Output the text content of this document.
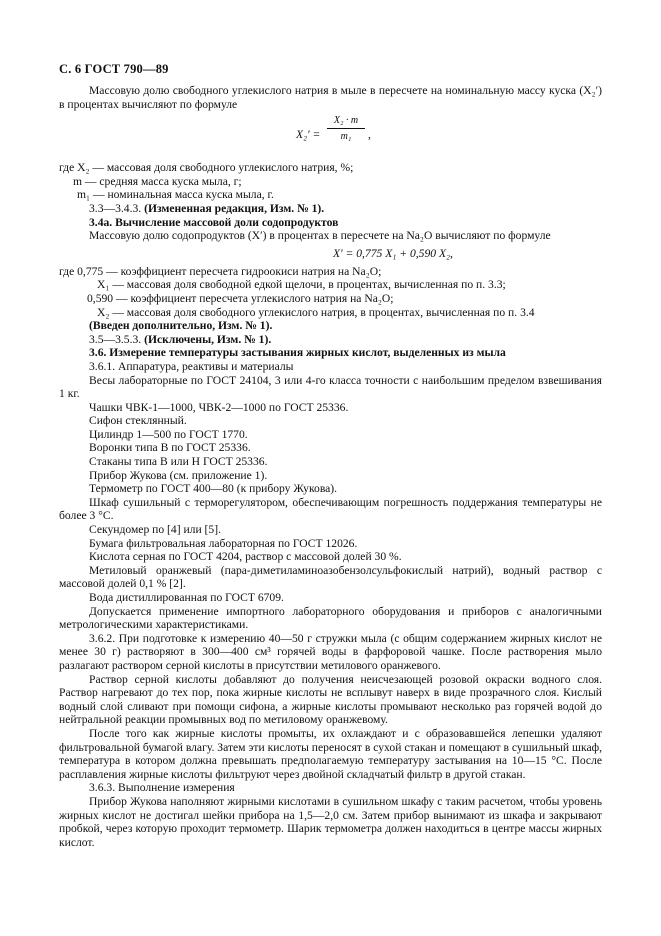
С. 6 ГОСТ 790—89

Массовую долю свободного углекислого натрия в мыле в пересчете на номинальную массу куска (X₂′) в процентах вычисляют по формуле

$X_2' = \frac{\text{X₂ · m}}{\text{m₁}}$ ,
где X₂ — массовая доля свободного углекислого натрия, %;
m — средняя масса куска мыла, г;
m₁ — номинальная масса куска мыла, г.

3.3—3.4.3. (Измененная редакция, Изм. № 1).

3.4а. Вычисление массовой доли содопродуктов

Массовую долю содопродуктов (X′) в процентах в пересчете на Na₂O вычисляют по формуле

X′ = 0,775 X₁ + 0,590 X₂,
где 0,775 — коэффициент пересчета гидроокиси натрия на Na₂O;
X₁ — массовая доля свободной едкой щелочи, в процентах, вычисленная по п. 3.3;
0,590 — коэффициент пересчета углекислого натрия на Na₂O;
X₂ — массовая доля свободного углекислого натрия, в процентах, вычисленная по п. 3.4

(Введен дополнительно, Изм. № 1).

3.5—3.5.3. (Исключены, Изм. № 1).

3.6. Измерение температуры застывания жирных кислот, выделенных из мыла

3.6.1. Аппаратура, реактивы и материалы

Весы лабораторные по ГОСТ 24104, 3 или 4-го класса точности с наибольшим пределом взвешивания 1 кг.

Чашки ЧВК-1—1000, ЧВК-2—1000 по ГОСТ 25336.

Сифон стеклянный.

Цилиндр 1—500 по ГОСТ 1770.

Воронки типа В по ГОСТ 25336.

Стаканы типа В или Н ГОСТ 25336.

Прибор Жукова (см. приложение 1).

Термометр по ГОСТ 400—80 (к прибору Жукова).

Шкаф сушильный с терморегулятором, обеспечивающим погрешность поддержания температуры не более 3 °С.

Секундомер по [4] или [5].

Бумага фильтровальная лабораторная по ГОСТ 12026.

Кислота серная по ГОСТ 4204, раствор с массовой долей 30 %.

Метиловый оранжевый (пара-диметиламиноазобензолсульфокислый натрий), водный раствор с массовой долей 0,1 % [2].

Вода дистиллированная по ГОСТ 6709.

Допускается применение импортного лабораторного оборудования и приборов с аналогичными метрологическими характеристиками.

3.6.2. При подготовке к измерению 40—50 г стружки мыла (с общим содержанием жирных кислот не менее 30 г) растворяют в 300—400 см³ горячей воды в фарфоровой чашке. После растворения мыло разлагают раствором серной кислоты в присутствии метилового оранжевого.

Раствор серной кислоты добавляют до получения неисчезающей розовой окраски водного слоя. Раствор нагревают до тех пор, пока жирные кислоты не всплывут наверх в виде прозрачного слоя. Кислый водный слой сливают при помощи сифона, а жирные кислоты промывают несколько раз горячей водой до нейтральной реакции промывных вод по метиловому оранжевому.

После того как жирные кислоты промыты, их охлаждают и с образовавшейся лепешки удаляют фильтровальной бумагой влагу. Затем эти кислоты переносят в сухой стакан и помещают в сушильный шкаф, температура в котором должна превышать предполагаемую температуру застывания на 10—15 °С. После расплавления жирные кислоты фильтруют через двойной складчатый фильтр в другой стакан.

3.6.3. Выполнение измерения

Прибор Жукова наполняют жирными кислотами в сушильном шкафу с таким расчетом, чтобы уровень жирных кислот не достигал шейки прибора на 1,5—2,0 см. Затем прибор вынимают из шкафа и закрывают пробкой, через которую проходит термометр. Шарик термометра должен находиться в центре массы жирных кислот.
